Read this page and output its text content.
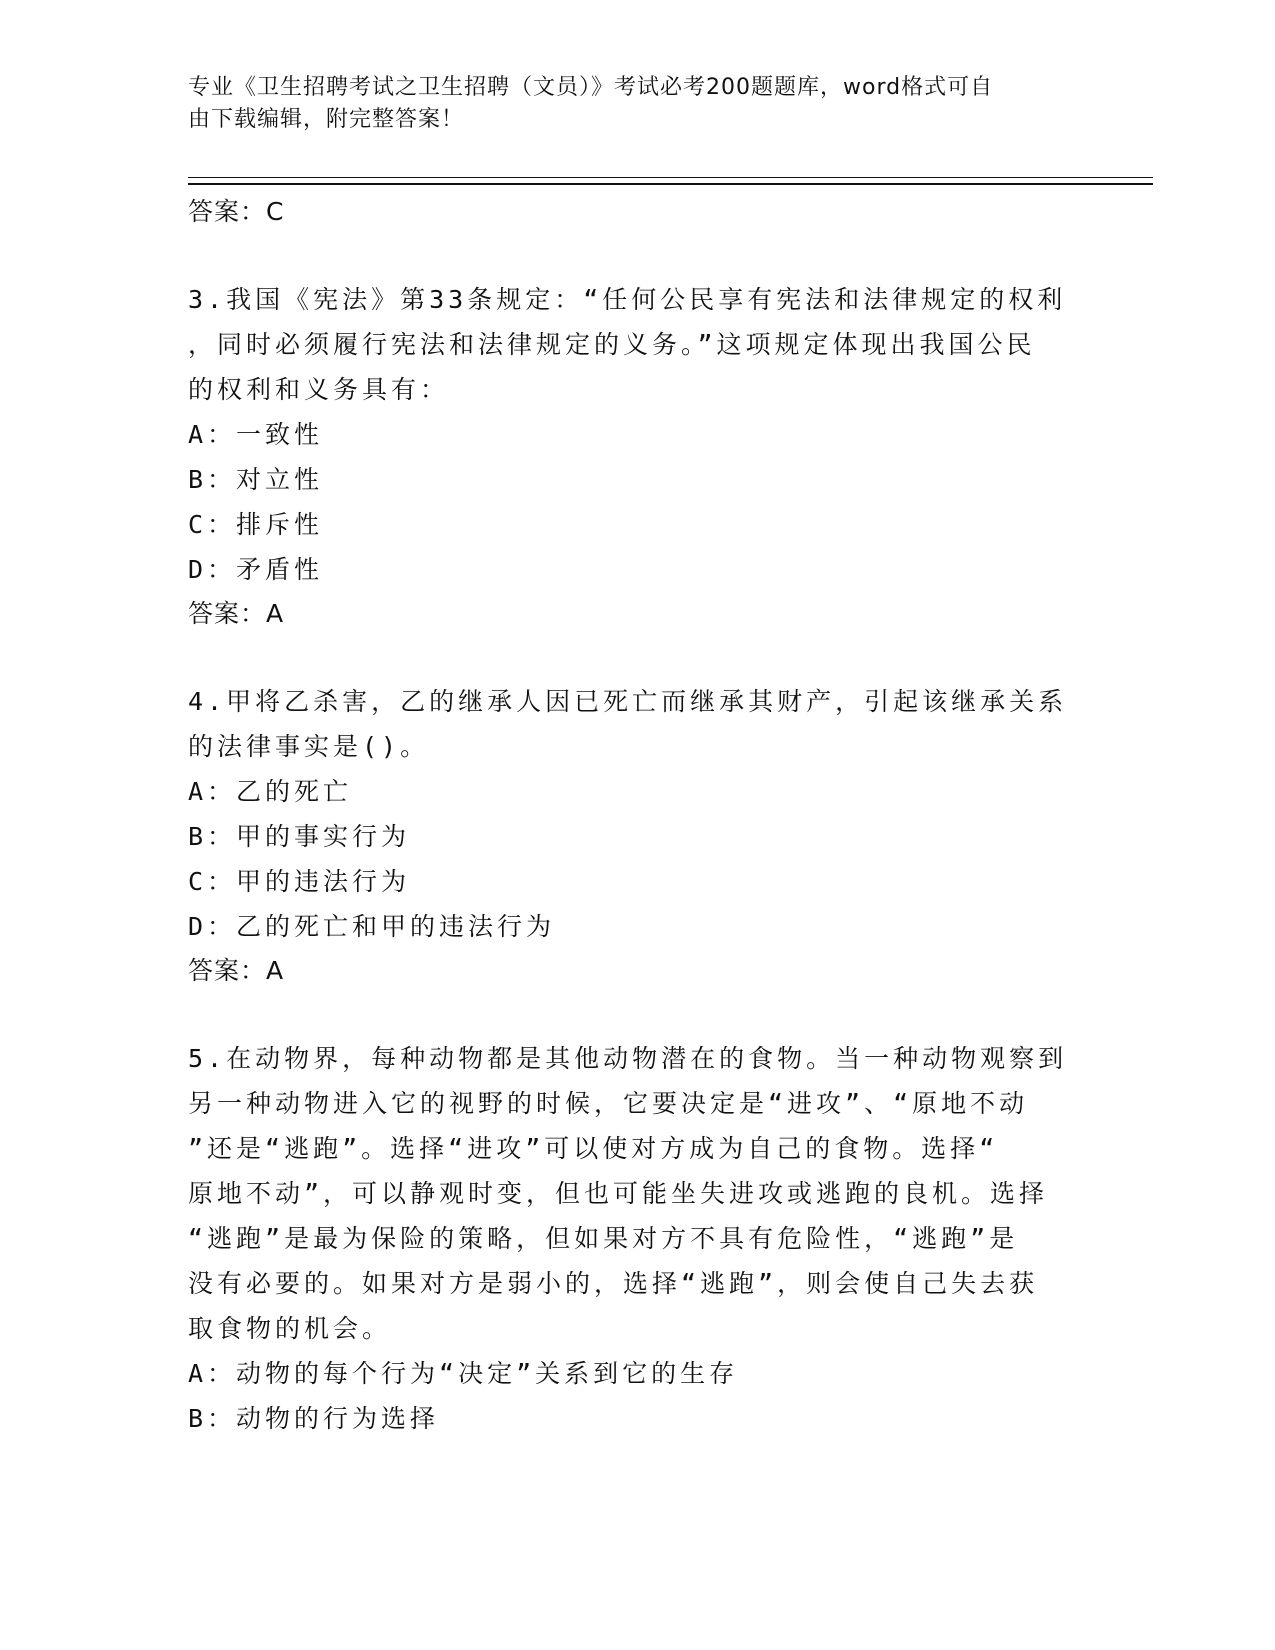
专业《卫生招聘考试之卫生招聘（文员）》考试必考200题题库，word格式可自
由下载编辑，附完整答案！
答案：C
3.我国《宪法》第33条规定：“任何公民享有宪法和法律规定的权利
，同时必须履行宪法和法律规定的义务。”这项规定体现出我国公民
的权利和义务具有：
A：一致性
B：对立性
C：排斥性
D：矛盾性
答案：A
4.甲将乙杀害，乙的继承人因已死亡而继承其财产，引起该继承关系
的法律事实是()。
A：乙的死亡
B：甲的事实行为
C：甲的违法行为
D：乙的死亡和甲的违法行为
答案：A
5.在动物界，每种动物都是其他动物潜在的食物。当一种动物观察到
另一种动物进入它的视野的时候，它要决定是“进攻”、“原地不动
”还是“逃跑”。选择“进攻”可以使对方成为自己的食物。选择“
原地不动”，可以静观时变，但也可能坐失进攻或逃跑的良机。选择
“逃跑”是最为保险的策略，但如果对方不具有危险性，“逃跑”是
没有必要的。如果对方是弱小的，选择“逃跑”，则会使自己失去获
取食物的机会。
A：动物的每个行为“决定”关系到它的生存
B：动物的行为选择
